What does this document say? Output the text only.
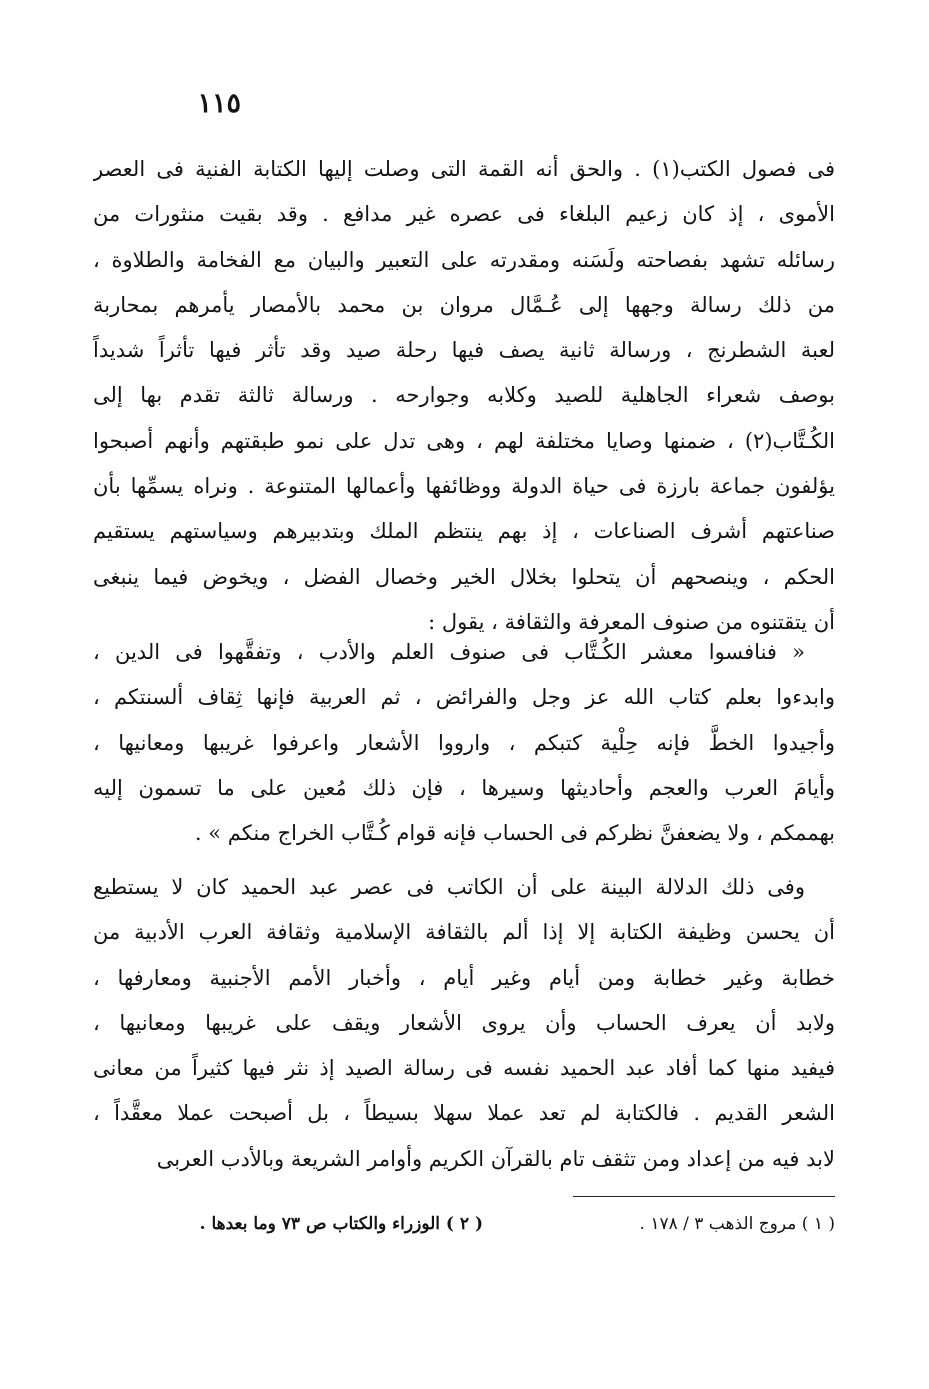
١١٥
فى فصول الكتب(١) . والحق أنه القمة التى وصلت إليها الكتابة الفنية فى العصر
الأموى ، إذ كان زعيم البلغاء فى عصره غير مدافع . وقد بقيت منثورات من
رسائله تشهد بفصاحته ولَسَنه ومقدرته على التعبير والبيان مع الفخامة والطلاوة ،
من ذلك رسالة وجهها إلى عُـمَّال مروان بن محمد بالأمصار يأمرهم بمحاربة
لعبة الشطرنج ، ورسالة ثانية يصف فيها رحلة صيد وقد تأثر فيها تأثراً شديداً
بوصف شعراء الجاهلية للصيد وكلابه وجوارحه . ورسالة ثالثة تقدم بها إلى
الكُـتَّاب(٢) ، ضمنها وصايا مختلفة لهم ، وهى تدل على نمو طبقتهم وأنهم أصبحوا
يؤلفون جماعة بارزة فى حياة الدولة ووظائفها وأعمالها المتنوعة . ونراه يسمِّها بأن
صناعتهم أشرف الصناعات ، إذ بهم ينتظم الملك وبتدبيرهم وسياستهم يستقيم
الحكم ، وينصحهم أن يتحلوا بخلال الخير وخصال الفضل ، ويخوض فيما ينبغى
أن يتقتنوه من صنوف المعرفة والثقافة ، يقول :
« فنافسوا معشر الكُـتَّاب فى صنوف العلم والأدب ، وتفقَّهوا فى الدين ،
وابدءوا بعلم كتاب الله عز وجل والفرائض ، ثم العربية فإنها ثِقاف ألسنتكم ،
وأجيدوا الخطَّ فإنه حِلْية كتبكم ، وارووا الأشعار واعرفوا غريبها ومعانيها ،
وأيامَ العرب والعجم وأحاديثها وسيرها ، فإن ذلك مُعين على ما تسمون إليه
بهممكم ، ولا يضعفنَّ نظركم فى الحساب فإنه قوام كُـتَّاب الخراج منكم » .
وفى ذلك الدلالة البينة على أن الكاتب فى عصر عبد الحميد كان لا يستطيع
أن يحسن وظيفة الكتابة إلا إذا ألم بالثقافة الإسلامية وثقافة العرب الأدبية من
خطابة وغير خطابة ومن أيام وغير أيام ، وأخبار الأمم الأجنبية ومعارفها ،
ولابد أن يعرف الحساب وأن يروى الأشعار ويقف على غريبها ومعانيها ،
فيفيد منها كما أفاد عبد الحميد نفسه فى رسالة الصيد إذ نثر فيها كثيراً من معانى
الشعر القديم . فالكتابة لم تعد عملا سهلا بسيطاً ، بل أصبحت عملا معقَّداً ،
لابد فيه من إعداد ومن تثقف تام بالقرآن الكريم وأوامر الشريعة وبالأدب العربى
( ١ ) مروج الذهب ٣ / ١٧٨ .
( ٢ ) الوزراء والكتاب ص ٧٣ وما بعدها .
